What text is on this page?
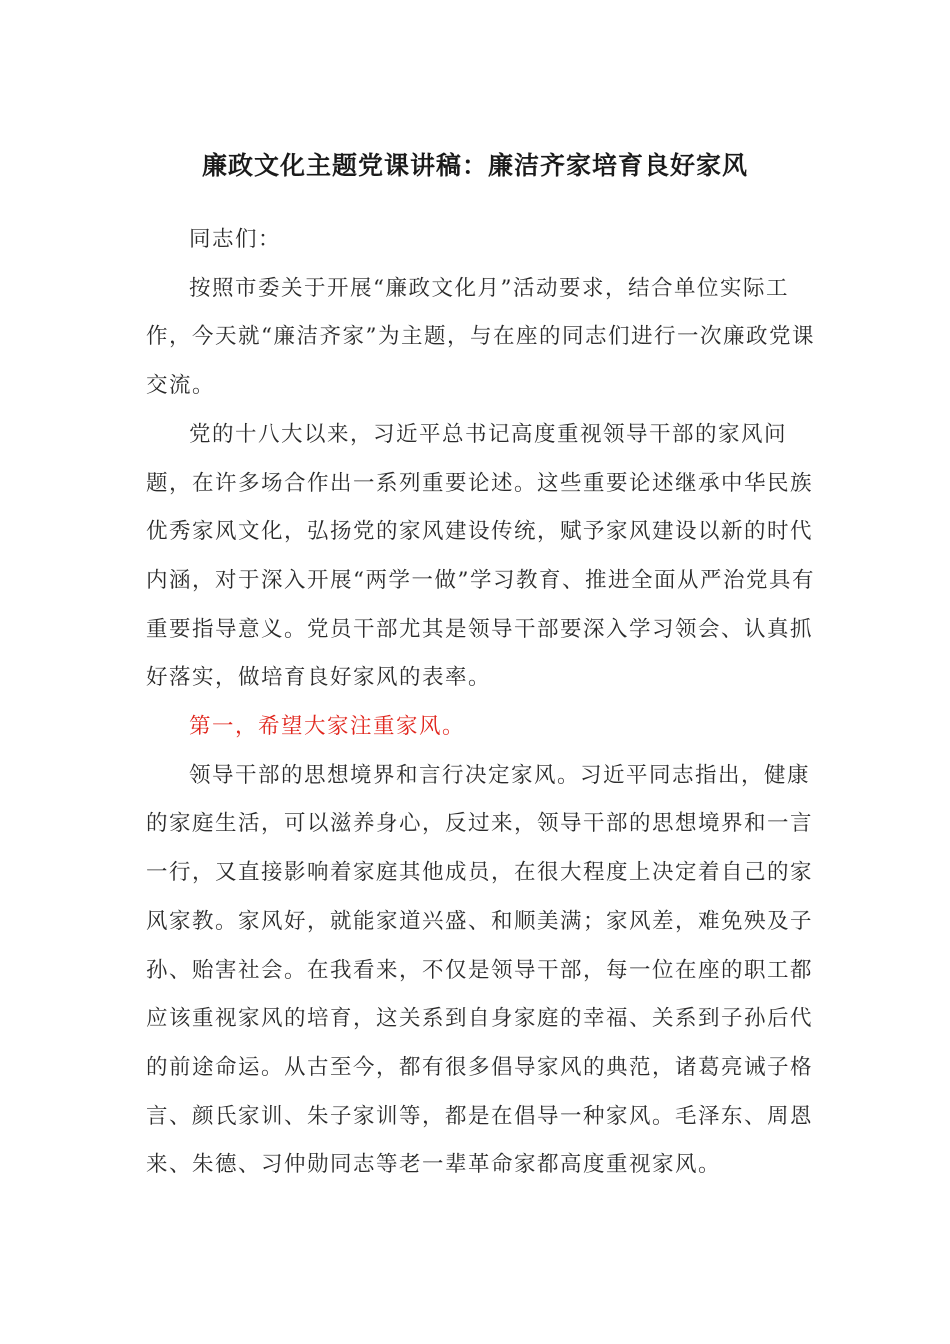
廉政文化主题党课讲稿：廉洁齐家培育良好家风

同志们：

按照市委关于开展“廉政文化月”活动要求，结合单位实际工作，今天就“廉洁齐家”为主题，与在座的同志们进行一次廉政党课交流。

党的十八大以来，习近平总书记高度重视领导干部的家风问题，在许多场合作出一系列重要论述。这些重要论述继承中华民族优秀家风文化，弘扬党的家风建设传统，赋予家风建设以新的时代内涵，对于深入开展“两学一做”学习教育、推进全面从严治党具有重要指导意义。党员干部尤其是领导干部要深入学习领会、认真抓好落实，做培育良好家风的表率。

第一，希望大家注重家风。

领导干部的思想境界和言行决定家风。习近平同志指出，健康的家庭生活，可以滋养身心，反过来，领导干部的思想境界和一言一行，又直接影响着家庭其他成员，在很大程度上决定着自己的家风家教。家风好，就能家道兴盛、和顺美满；家风差，难免殃及子孙、贻害社会。在我看来，不仅是领导干部，每一位在座的职工都应该重视家风的培育，这关系到自身家庭的幸福、关系到子孙后代的前途命运。从古至今，都有很多倡导家风的典范，诸葛亮诫子格言、颜氏家训、朱子家训等，都是在倡导一种家风。毛泽东、周恩来、朱德、习仲勋同志等老一辈革命家都高度重视家风。
